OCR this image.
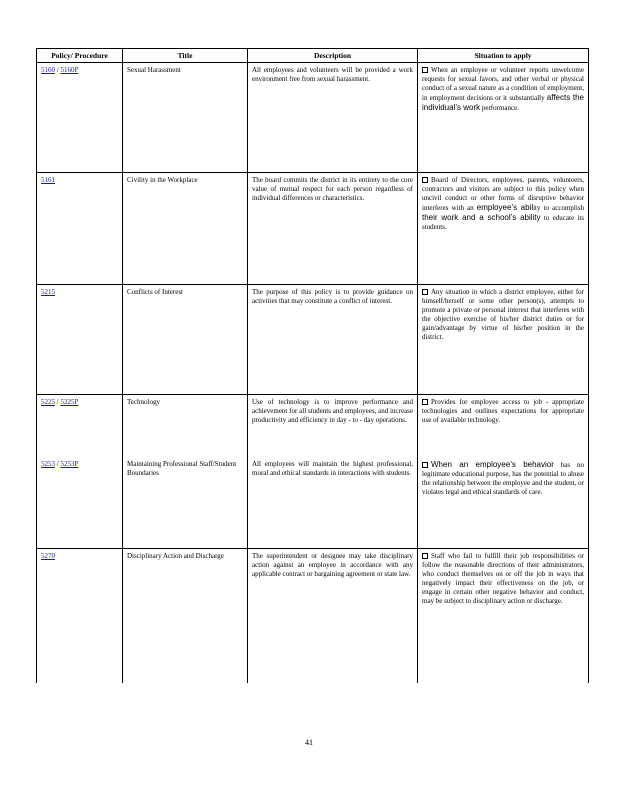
Policy/ Procedure	Title	Description	Situation to apply
5160 / 5160P	Sexual Harassment	All employees and volunteers will be provided a work environment free from sexual harassment.	When an employee or volunteer reports unwelcome requests for sexual favors, and other verbal or physical conduct of a sexual nature as a condition of employment, in employment decisions or it substantially affects the individual’s work performance.
5161	Civility in the Workplace	The board commits the district in its entirety to the core value of mutual respect for each person regardless of individual differences or characteristics.	Board of Directors, employees, parents, volunteers, contractors and visitors are subject to this policy when uncivil conduct or other forms of disruptive behavior interferes with an employee’s ability to accomplish their work and a school’s ability to educate its students.
5215	Conflicts of Interest	The purpose of this policy is to provide guidance on activities that may constitute a conflict of interest.	Any situation in which a district employee, either for himself/herself or some other person(s), attempts to promote a private or personal interest that interferes with the objective exercise of his/her district duties or for gain/advantage by virtue of his/her position in the district.
5225 / 5225P	Technology	Use of technology is to improve performance and achievement for all students and employees, and increase productivity and efficiency in day - to - day operations.	Provides for employee access to job - appropriate technologies and outlines expectations for appropriate use of available technology.
5253 / 5253P	Maintaining Professional Staff/Student Boundaries	All employees will maintain the highest professional, moral and ethical standards in interactions with students.	When an employee’s behavior has no legitimate educational purpose, has the potential to abuse the relationship between the employee and the student, or violates legal and ethical standards of care.
5270	Disciplinary Action and Discharge	The superintendent or designee may take disciplinary action against an employee in accordance with any applicable contract or bargaining agreement or state law.	Staff who fail to fulfill their job responsibilities or follow the reasonable directions of their administrators, who conduct themselves on or off the job in ways that negatively impact their effectiveness on the job, or engage in certain other negative behavior and conduct, may be subject to disciplinary action or discharge.
41
